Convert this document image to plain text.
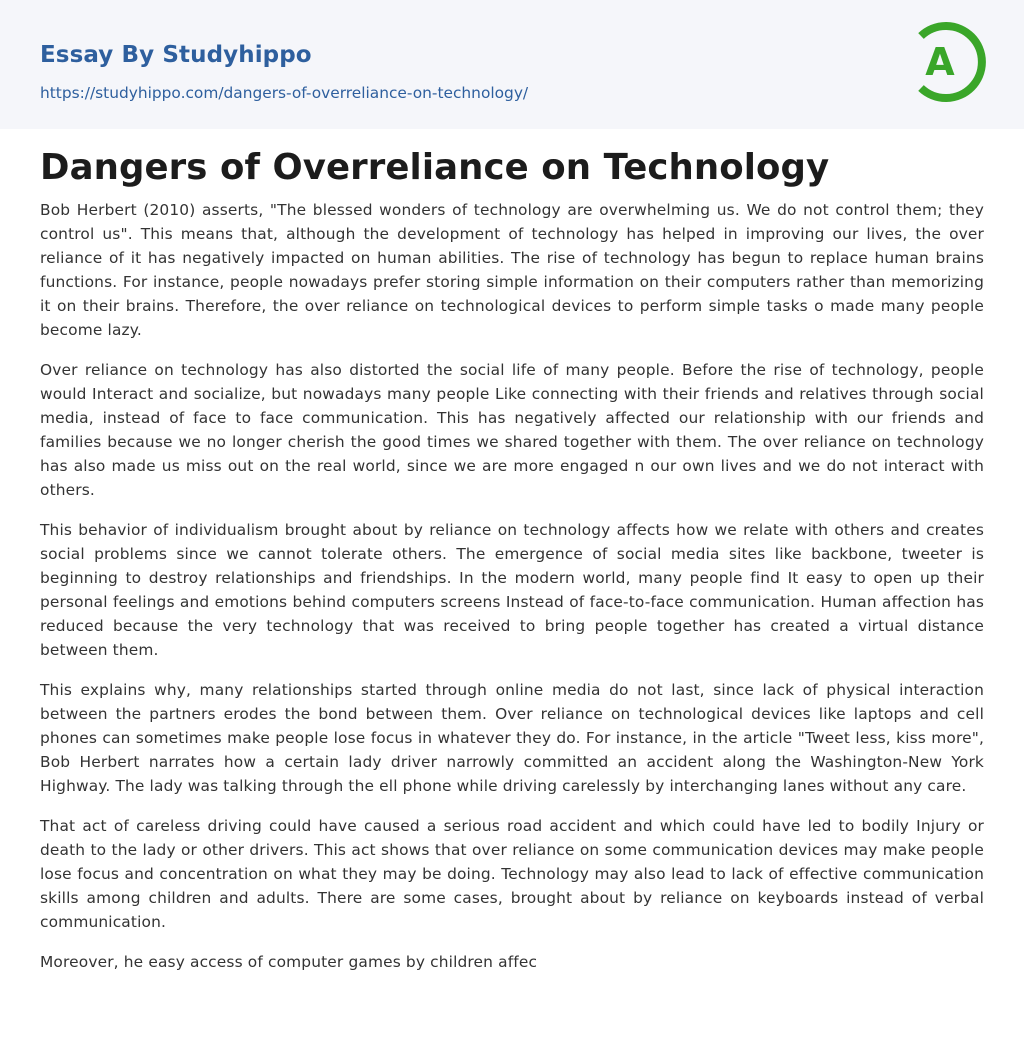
Essay By Studyhippo
https://studyhippo.com/dangers-of-overreliance-on-technology/
A
Dangers of Overreliance on Technology

Bob Herbert (2010) asserts, "The blessed wonders of technology are overwhelming us. We do not control them; they control us". This means that, although the development of technology has helped in improving our lives, the over reliance of it has negatively impacted on human abilities. The rise of technology has begun to replace human brains functions. For instance, people nowadays prefer storing simple information on their computers rather than memorizing it on their brains. Therefore, the over reliance on technological devices to perform simple tasks o made many people become lazy.

Over reliance on technology has also distorted the social life of many people. Before the rise of technology, people would Interact and socialize, but nowadays many people Like connecting with their friends and relatives through social media, instead of face to face communication. This has negatively affected our relationship with our friends and families because we no longer cherish the good times we shared together with them. The over reliance on technology has also made us miss out on the real world, since we are more engaged n our own lives and we do not interact with others.

This behavior of individualism brought about by reliance on technology affects how we relate with others and creates social problems since we cannot tolerate others. The emergence of social media sites like backbone, tweeter is beginning to destroy relationships and friendships. In the modern world, many people find It easy to open up their personal feelings and emotions behind computers screens Instead of face-to-face communication. Human affection has reduced because the very technology that was received to bring people together has created a virtual distance between them.

This explains why, many relationships started through online media do not last, since lack of physical interaction between the partners erodes the bond between them. Over reliance on technological devices like laptops and cell phones can sometimes make people lose focus in whatever they do. For instance, in the article "Tweet less, kiss more", Bob Herbert narrates how a certain lady driver narrowly committed an accident along the Washington-New York Highway. The lady was talking through the ell phone while driving carelessly by interchanging lanes without any care.

That act of careless driving could have caused a serious road accident and which could have led to bodily Injury or death to the lady or other drivers. This act shows that over reliance on some communication devices may make people lose focus and concentration on what they may be doing. Technology may also lead to lack of effective communication skills among children and adults. There are some cases, brought about by reliance on keyboards instead of verbal communication.

Moreover, he easy access of computer games by children affec
